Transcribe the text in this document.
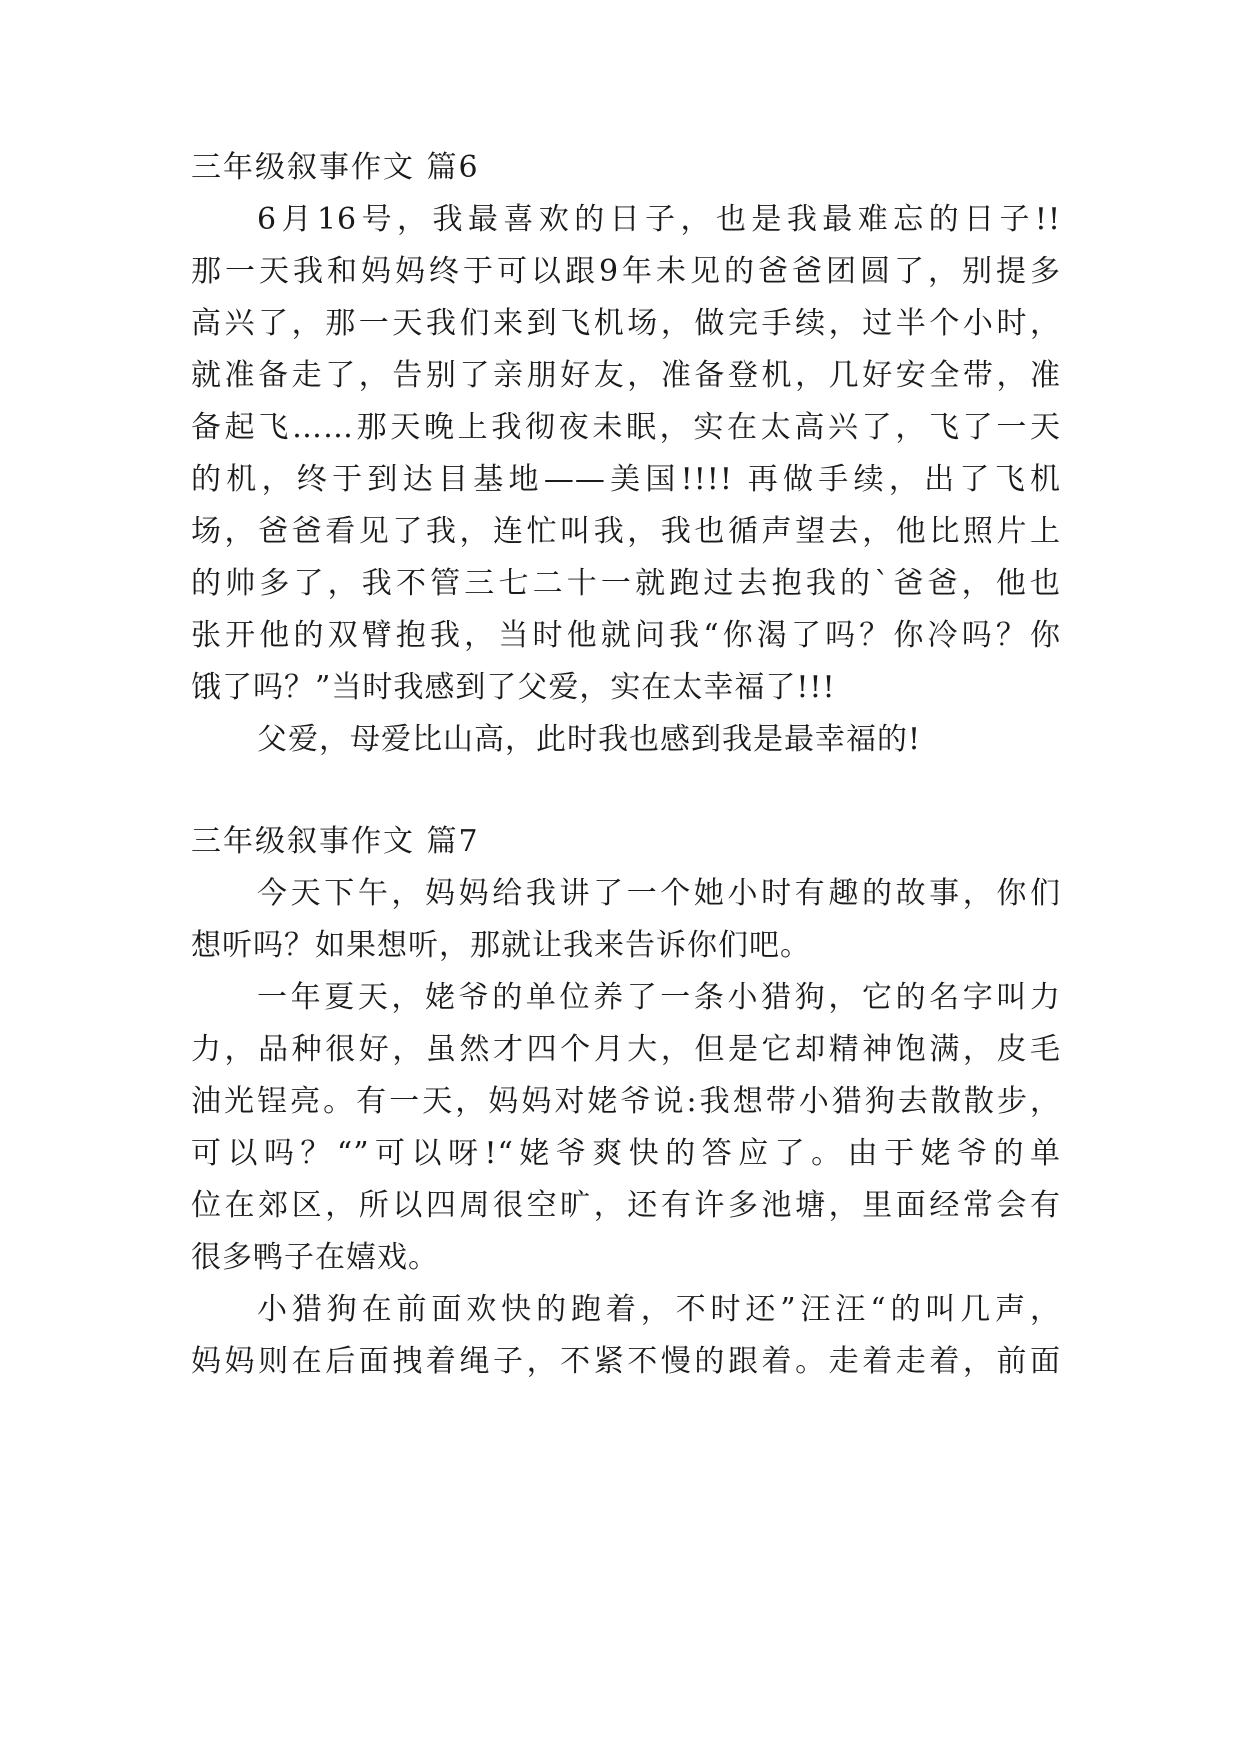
三年级叙事作文 篇6
6月16号，我最喜欢的日子，也是我最难忘的日子!!
那一天我和妈妈终于可以跟9年未见的爸爸团圆了，别提多
高兴了，那一天我们来到飞机场，做完手续，过半个小时，
就准备走了，告别了亲朋好友，准备登机，几好安全带，准
备起飞……那天晚上我彻夜未眠，实在太高兴了，飞了一天
的机，终于到达目基地——美国!!!! 再做手续，出了飞机
场，爸爸看见了我，连忙叫我，我也循声望去，他比照片上
的帅多了，我不管三七二十一就跑过去抱我的`爸爸，他也
张开他的双臂抱我，当时他就问我“你渴了吗？你冷吗？你
饿了吗？”当时我感到了父爱，实在太幸福了!!!
父爱，母爱比山高，此时我也感到我是最幸福的!
三年级叙事作文 篇7
今天下午，妈妈给我讲了一个她小时有趣的故事，你们
想听吗？如果想听，那就让我来告诉你们吧。
一年夏天，姥爷的单位养了一条小猎狗，它的名字叫力
力，品种很好，虽然才四个月大，但是它却精神饱满，皮毛
油光锃亮。有一天，妈妈对姥爷说:我想带小猎狗去散散步，
可以吗？“”可以呀!“姥爷爽快的答应了。由于姥爷的单
位在郊区，所以四周很空旷，还有许多池塘，里面经常会有
很多鸭子在嬉戏。
小猎狗在前面欢快的跑着，不时还”汪汪“的叫几声，
妈妈则在后面拽着绳子，不紧不慢的跟着。走着走着，前面
